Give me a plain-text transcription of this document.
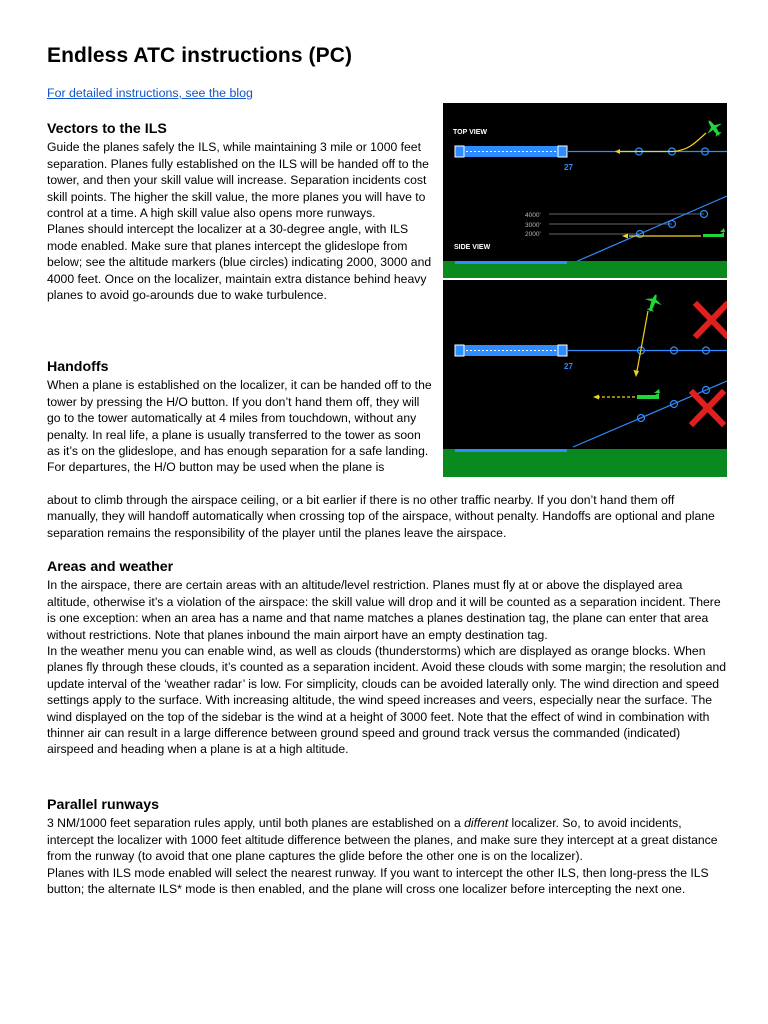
Endless ATC instructions (PC)
For detailed instructions, see the blog
Vectors to the ILS

Guide the planes safely the ILS, while maintaining 3 mile or 1000 feet separation. Planes fully established on the ILS will be handed off to the tower, and then your skill value will increase. Separation incidents cost skill points. The higher the skill value, the more planes you will have to control at a time. A high skill value also opens more runways.

Planes should intercept the localizer at a 30-degree angle, with ILS mode enabled. Make sure that planes intercept the glideslope from below; see the altitude markers (blue circles) indicating 2000, 3000 and 4000 feet. Once on the localizer, maintain extra distance behind heavy planes to avoid go-arounds due to wake turbulence.

Handoffs

When a plane is established on the localizer, it can be handed off to the tower by pressing the H/O button. If you don’t hand them off, they will go to the tower automatically at 4 miles from touchdown, without any penalty. In real life, a plane is usually transferred to the tower as soon as it’s on the glideslope, and has enough separation for a safe landing.

For departures, the H/O button may be used when the plane is

about to climb through the airspace ceiling, or a bit earlier if there is no other traffic nearby. If you don’t hand them off manually, they will handoff automatically when crossing top of the airspace, without penalty. Handoffs are optional and plane separation remains the responsibility of the player until the planes leave the airspace.

Areas and weather

In the airspace, there are certain areas with an altitude/level restriction. Planes must fly at or above the displayed area altitude, otherwise it’s a violation of the airspace: the skill value will drop and it will be counted as a separation incident. There is one exception: when an area has a name and that name matches a planes destination tag, the plane can enter that area without restrictions. Note that planes inbound the main airport have an empty destination tag.

In the weather menu you can enable wind, as well as clouds (thunderstorms) which are displayed as orange blocks. When planes fly through these clouds, it’s counted as a separation incident. Avoid these clouds with some margin; the resolution and update interval of the ‘weather radar’ is low. For simplicity, clouds can be avoided laterally only. The wind direction and speed settings apply to the surface. With increasing altitude, the wind speed increases and veers, especially near the surface. The wind displayed on the top of the sidebar is the wind at a height of 3000 feet. Note that the effect of wind in combination with thinner air can result in a large difference between ground speed and ground track versus the commanded (indicated) airspeed and heading when a plane is at a high altitude.

Parallel runways

3 NM/1000 feet separation rules apply, until both planes are established on a different localizer. So, to avoid incidents, intercept the localizer with 1000 feet altitude difference between the planes, and make sure they intercept at a great distance from the runway (to avoid that one plane captures the glide before the other one is on the localizer).

Planes with ILS mode enabled will select the nearest runway. If you want to intercept the other ILS, then long-press the ILS button; the alternate ILS* mode is then enabled, and the plane will cross one localizer before intercepting the next one.

TOP VIEW
27
4000'
3000'
2000'
SIDE VIEW
27
